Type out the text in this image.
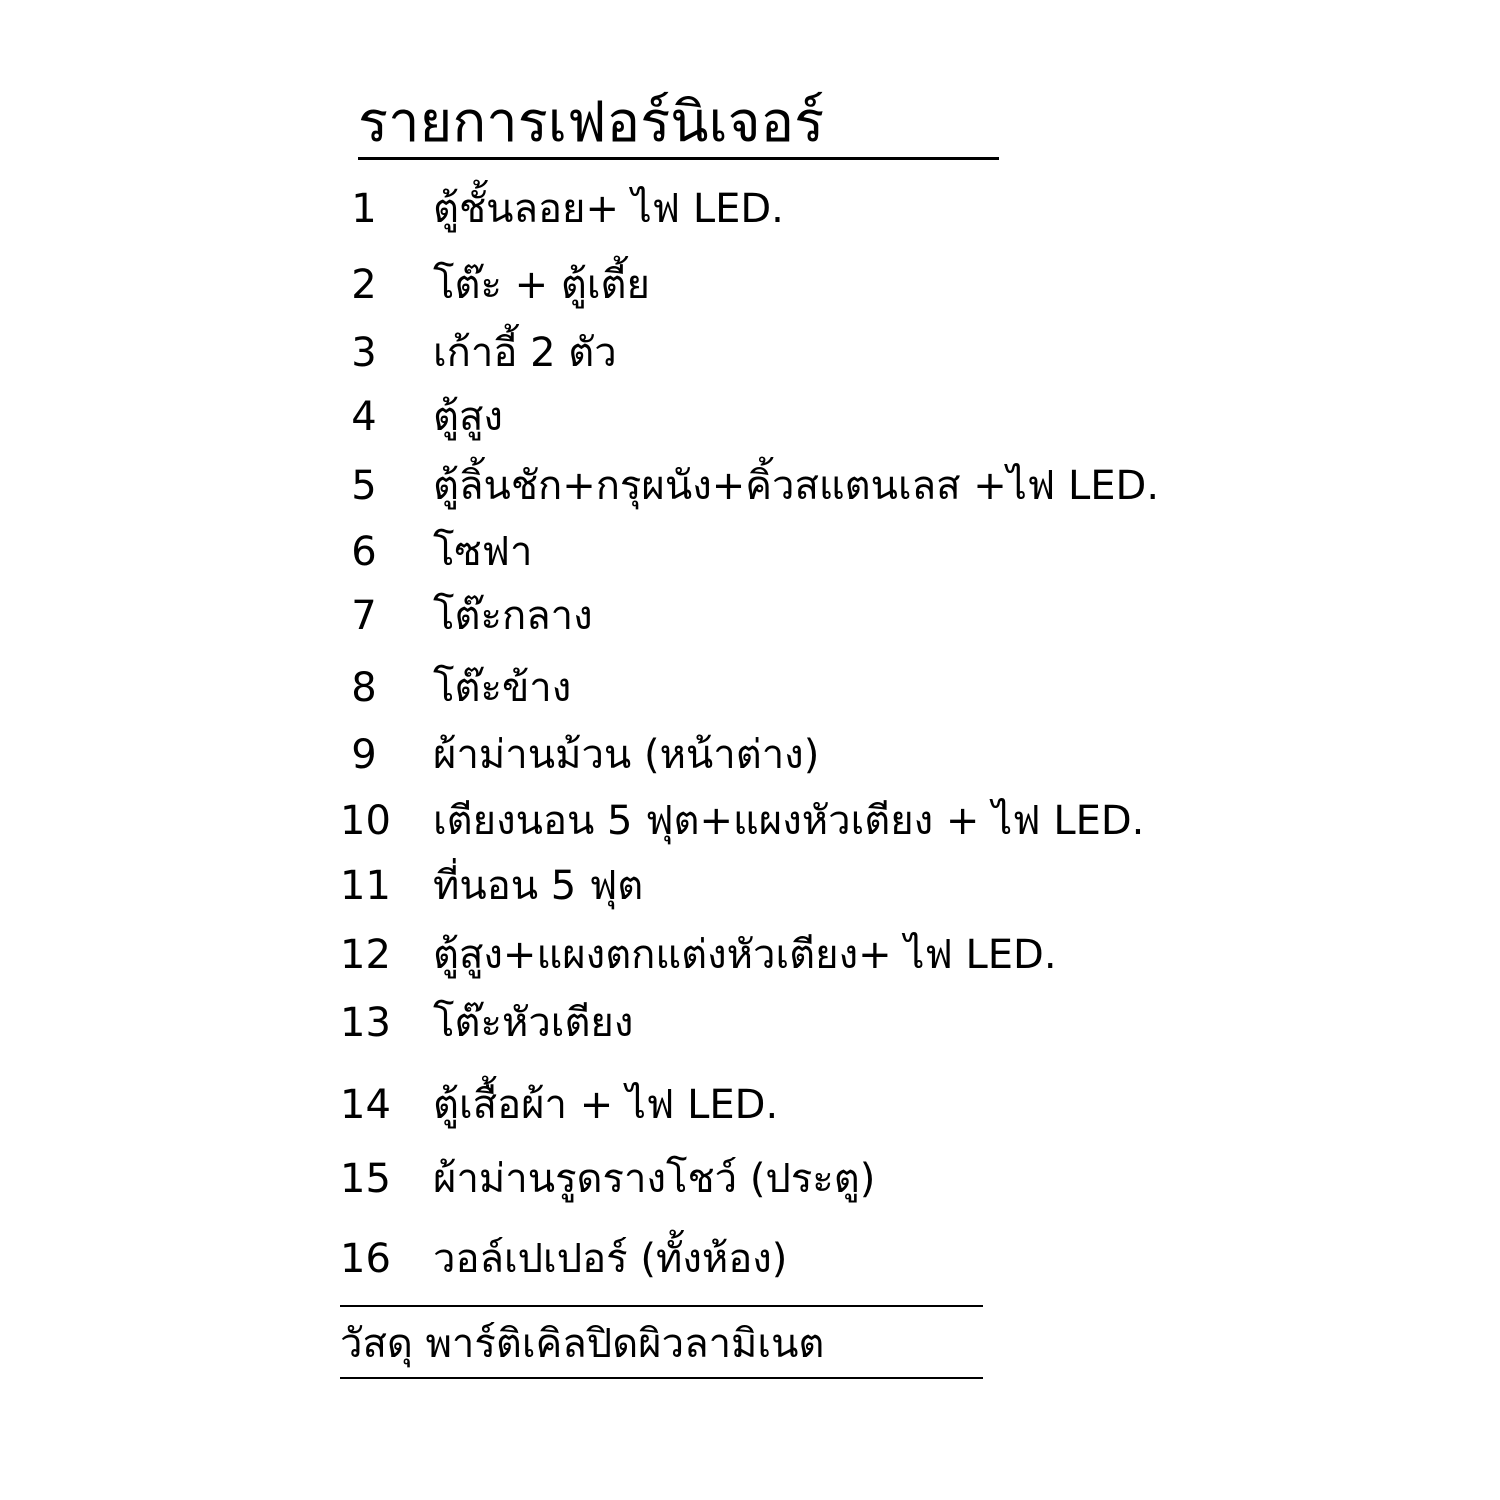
รายการเฟอร์นิเจอร์
1 ตู้ชั้นลอย+ ไฟ LED.
2 โต๊ะ + ตู้เตี้ย
3 เก้าอี้ 2 ตัว
4 ตู้สูง
5 ตู้ลิ้นชัก+กรุผนัง+คิ้วสแตนเลส +ไฟ LED.
6 โซฟา
7 โต๊ะกลาง
8 โต๊ะข้าง
9 ผ้าม่านม้วน (หน้าต่าง)
10 เตียงนอน 5 ฟุต+แผงหัวเตียง + ไฟ LED.
11 ที่นอน 5 ฟุต
12 ตู้สูง+แผงตกแต่งหัวเตียง+ ไฟ LED.
13 โต๊ะหัวเตียง
14 ตู้เสื้อผ้า + ไฟ LED.
15 ผ้าม่านรูดรางโชว์ (ประตู)
16 วอล์เปเปอร์ (ทั้งห้อง)
วัสดุ พาร์ติเคิลปิดผิวลามิเนต
